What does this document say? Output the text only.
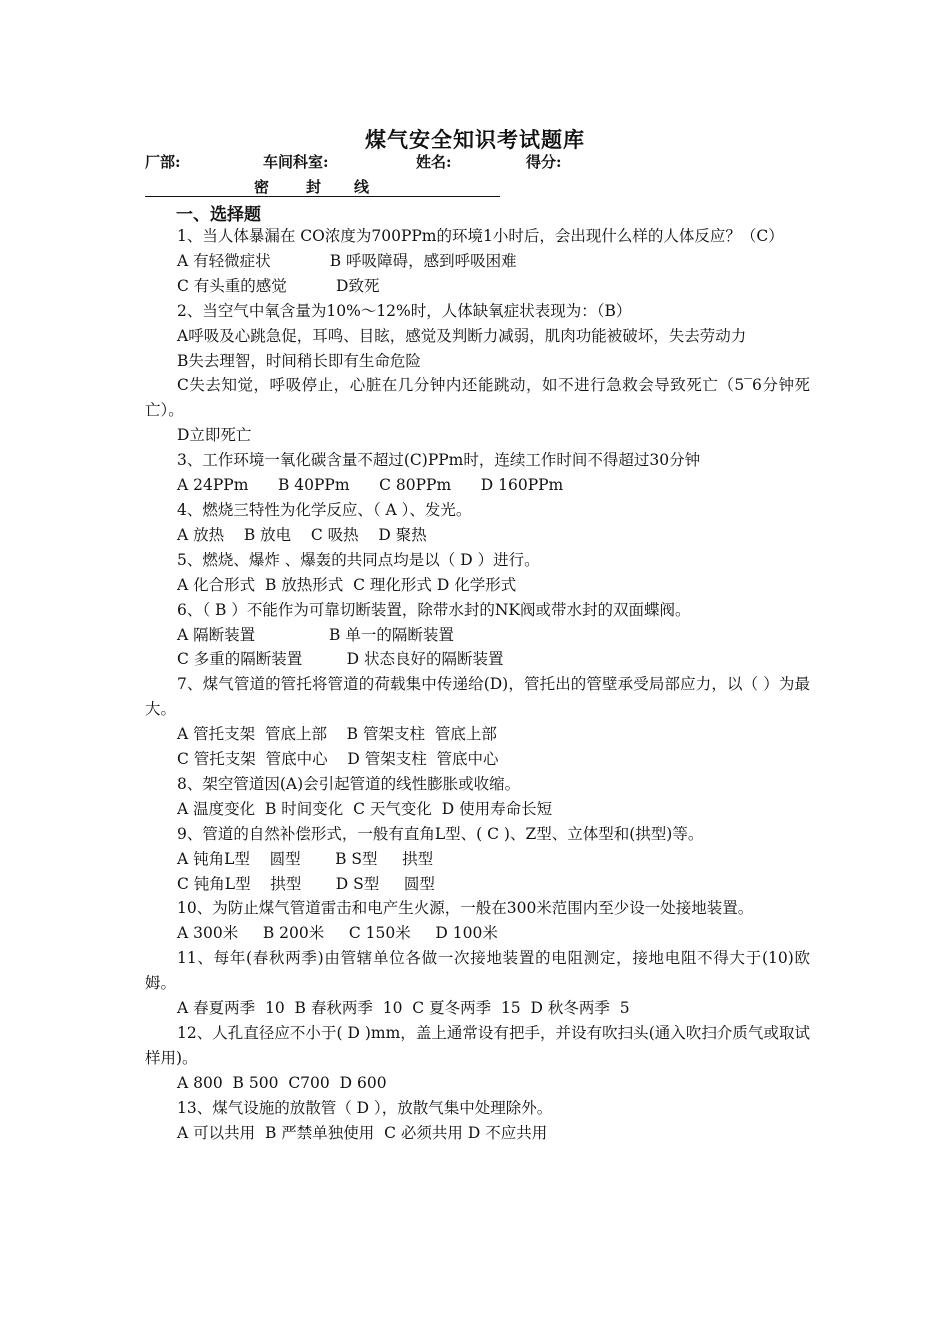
煤气安全知识考试题库
厂部:	车间科室:	姓名:	得分:
密 封 线
一、选择题

1、当人体暴漏在 CO浓度为700PPm的环境1小时后，会出现什么样的人体反应？（C）

A 有轻微症状            B 呼吸障碍，感到呼吸困难

C 有头重的感觉          D致死

2、当空气中氧含量为10%～12%时，人体缺氧症状表现为：（B）

A呼吸及心跳急促，耳鸣、目眩，感觉及判断力减弱，肌肉功能被破坏，失去劳动力

B失去理智，时间稍长即有生命危险

C失去知觉，呼吸停止，心脏在几分钟内还能跳动，如不进行急救会导致死亡（5‾6分钟死亡）。

D立即死亡

3、工作环境一氧化碳含量不超过(C)PPm时，连续工作时间不得超过30分钟

A 24PPm      B 40PPm      C 80PPm      D 160PPm

4、燃烧三特性为化学反应、（ A ）、发光。

A 放热    B 放电    C 吸热    D 聚热

5、燃烧、爆炸 、爆轰的共同点均是以（ D ）进行。

A 化合形式  B 放热形式  C 理化形式 D 化学形式

6、（ B ）不能作为可靠切断装置，除带水封的NK阀或带水封的双面蝶阀。

A 隔断装置               B 单一的隔断装置

C 多重的隔断装置         D 状态良好的隔断装置

7、煤气管道的管托将管道的荷载集中传递给(D)，管托出的管壁承受局部应力，以（ ）为最大。

A 管托支架  管底上部    B 管架支柱  管底上部

C 管托支架  管底中心    D 管架支柱  管底中心

8、架空管道因(A)会引起管道的线性膨胀或收缩。

A 温度变化  B 时间变化  C 天气变化  D 使用寿命长短

9、管道的自然补偿形式，一般有直角L型、( C )、Z型、立体型和(拱型)等。

A 钝角L型    圆型       B S型     拱型

C 钝角L型    拱型       D S型     圆型

10、为防止煤气管道雷击和电产生火源，一般在300米范围内至少设一处接地装置。

A 300米     B 200米     C 150米     D 100米

11、每年(春秋两季)由管辖单位各做一次接地装置的电阻测定，接地电阻不得大于(10)欧姆。

A 春夏两季  10  B 春秋两季  10  C 夏冬两季  15  D 秋冬两季  5

12、人孔直径应不小于( D )mm，盖上通常设有把手，并设有吹扫头(通入吹扫介质气或取试样用)。

A 800  B 500  C700  D 600

13、煤气设施的放散管（ D ），放散气集中处理除外。

A 可以共用  B 严禁单独使用  C 必须共用 D 不应共用
